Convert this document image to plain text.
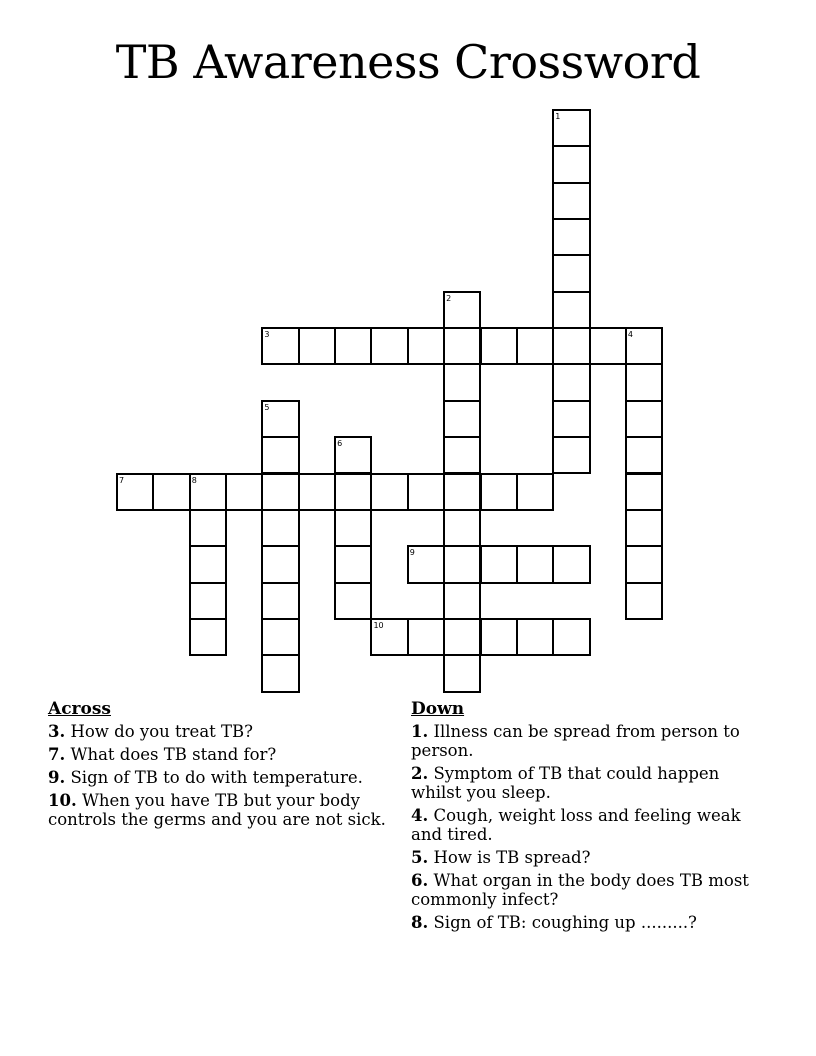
TB Awareness Crossword
1
2
3	4
5
6
7	8
9
10
Across
3. How do you treat TB?
7. What does TB stand for?
9. Sign of TB to do with temperature.
10. When you have TB but your body controls the germs and you are not sick.
Down
1. Illness can be spread from person to person.
2. Symptom of TB that could happen whilst you sleep.
4. Cough, weight loss and feeling weak and tired.
5. How is TB spread?
6. What organ in the body does TB most commonly infect?
8. Sign of TB: coughing up .........?
